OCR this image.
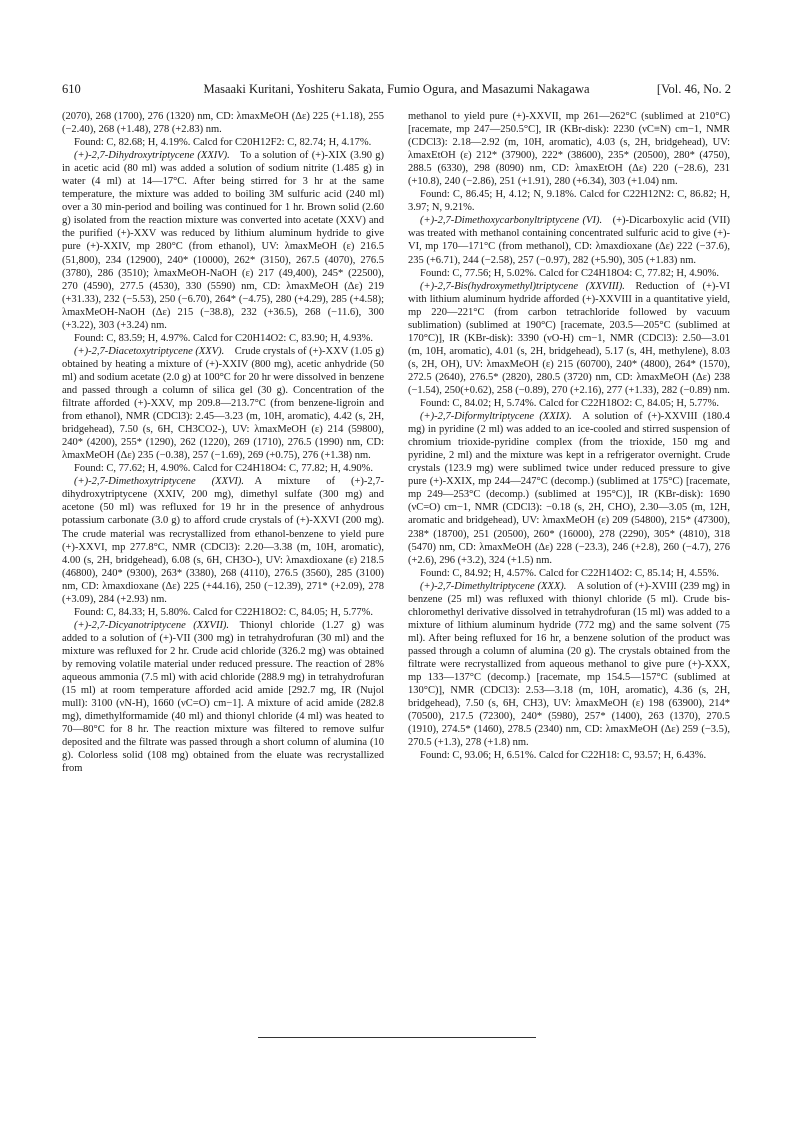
610	Masaaki Kuritani, Yoshiteru Sakata, Fumio Ogura, and Masazumi Nakagawa	[Vol. 46, No. 2

(2070), 268 (1700), 276 (1320) nm, CD: λmaxMeOH (Δε) 225 (+1.18), 255 (−2.40), 268 (+1.48), 278 (+2.83) nm.

Found: C, 82.68; H, 4.19%. Calcd for C20H12F2: C, 82.74; H, 4.17%.

(+)-2,7-Dihydroxytriptycene (XXIV).  To a solution of (+)-XIX (3.90 g) in acetic acid (80 ml) was added a solution of sodium nitrite (1.485 g) in water (4 ml) at 14—17°C. After being stirred for 3 hr at the same temperature, the mixture was added to boiling 3M sulfuric acid (240 ml) over a 30 min-period and boiling was continued for 1 hr. Brown solid (2.60 g) isolated from the reaction mixture was converted into acetate (XXV) and the purified (+)-XXV was reduced by lithium aluminum hydride to give pure (+)-XXIV, mp 280°C (from ethanol), UV: λmaxMeOH (ε) 216.5 (51,800), 234 (12900), 240* (10000), 262* (3150), 267.5 (4070), 276.5 (3780), 286 (3510); λmaxMeOH-NaOH (ε) 217 (49,400), 245* (22500), 270 (4590), 277.5 (4530), 330 (5590) nm, CD: λmaxMeOH (Δε) 219 (+31.33), 232 (−5.53), 250 (−6.70), 264* (−4.75), 280 (+4.29), 285 (+4.58); λmaxMeOH-NaOH (Δε) 215 (−38.8), 232 (+36.5), 268 (−11.6), 300 (+3.22), 303 (+3.24) nm.

Found: C, 83.59; H, 4.97%. Calcd for C20H14O2: C, 83.90; H, 4.93%.

(+)-2,7-Diacetoxytriptycene (XXV).  Crude crystals of (+)-XXV (1.05 g) obtained by heating a mixture of (+)-XXIV (800 mg), acetic anhydride (50 ml) and sodium acetate (2.0 g) at 100°C for 20 hr were dissolved in benzene and passed through a column of silica gel (30 g). Concentration of the filtrate afforded (+)-XXV, mp 209.8—213.7°C (from benzene-ligroin and from ethanol), NMR (CDCl3): 2.45—3.23 (m, 10H, aromatic), 4.42 (s, 2H, bridgehead), 7.50 (s, 6H, CH3CO2-), UV: λmaxMeOH (ε) 214 (59800), 240* (4200), 255* (1290), 262 (1220), 269 (1710), 276.5 (1990) nm, CD: λmaxMeOH (Δε) 235 (−0.38), 257 (−1.69), 269 (+0.75), 276 (+1.38) nm.

Found: C, 77.62; H, 4.90%. Calcd for C24H18O4: C, 77.82; H, 4.90%.

(+)-2,7-Dimethoxytriptycene (XXVI).  A mixture of (+)-2,7-dihydroxytriptycene (XXIV, 200 mg), dimethyl sulfate (300 mg) and acetone (50 ml) was refluxed for 19 hr in the presence of anhydrous potassium carbonate (3.0 g) to afford crude crystals of (+)-XXVI (200 mg). The crude material was recrystallized from ethanol-benzene to yield pure (+)-XXVI, mp 277.8°C, NMR (CDCl3): 2.20—3.38 (m, 10H, aromatic), 4.00 (s, 2H, bridgehead), 6.08 (s, 6H, CH3O-), UV: λmaxdioxane (ε) 218.5 (46800), 240* (9300), 263* (3380), 268 (4110), 276.5 (3560), 285 (3100) nm, CD: λmaxdioxane (Δε) 225 (+44.16), 250 (−12.39), 271* (+2.09), 278 (+3.09), 284 (+2.93) nm.

Found: C, 84.33; H, 5.80%. Calcd for C22H18O2: C, 84.05; H, 5.77%.

(+)-2,7-Dicyanotriptycene (XXVII).  Thionyl chloride (1.27 g) was added to a solution of (+)-VII (300 mg) in tetrahydrofuran (30 ml) and the mixture was refluxed for 2 hr. Crude acid chloride (326.2 mg) was obtained by removing volatile material under reduced pressure. The reaction of 28% aqueous ammonia (7.5 ml) with acid chloride (288.9 mg) in tetrahydrofuran (15 ml) at room temperature afforded acid amide [292.7 mg, IR (Nujol mull): 3100 (νN-H), 1660 (νC=O) cm−1]. A mixture of acid amide (282.8 mg), dimethylformamide (40 ml) and thionyl chloride (4 ml) was heated to 70—80°C for 8 hr. The reaction mixture was filtered to remove sulfur deposited and the filtrate was passed through a short column of alumina (10 g). Colorless solid (108 mg) obtained from the eluate was recrystallized from

methanol to yield pure (+)-XXVII, mp 261—262°C (sublimed at 210°C) [racemate, mp 247—250.5°C], IR (KBr-disk): 2230 (νC≡N) cm−1, NMR (CDCl3): 2.18—2.92 (m, 10H, aromatic), 4.03 (s, 2H, bridgehead), UV: λmaxEtOH (ε) 212* (37900), 222* (38600), 235* (20500), 280* (4750), 288.5 (6330), 298 (8090) nm, CD: λmaxEtOH (Δε) 220 (−28.6), 231 (+10.8), 240 (−2.86), 251 (+1.91), 280 (+6.34), 303 (+1.04) nm.

Found: C, 86.45; H, 4.12; N, 9.18%. Calcd for C22H12N2: C, 86.82; H, 3.97; N, 9.21%.

(+)-2,7-Dimethoxycarbonyltriptycene (VI).  (+)-Dicarboxylic acid (VII) was treated with methanol containing concentrated sulfuric acid to give (+)-VI, mp 170—171°C (from methanol), CD: λmaxdioxane (Δε) 222 (−37.6), 235 (+6.71), 244 (−2.58), 257 (−0.97), 282 (+5.90), 305 (+1.83) nm.

Found: C, 77.56; H, 5.02%. Calcd for C24H18O4: C, 77.82; H, 4.90%.

(+)-2,7-Bis(hydroxymethyl)triptycene (XXVIII).  Reduction of (+)-VI with lithium aluminum hydride afforded (+)-XXVIII in a quantitative yield, mp 220—221°C (from carbon tetrachloride followed by vacuum sublimation) (sublimed at 190°C) [racemate, 203.5—205°C (sublimed at 170°C)], IR (KBr-disk): 3390 (νO-H) cm−1, NMR (CDCl3): 2.50—3.01 (m, 10H, aromatic), 4.01 (s, 2H, bridgehead), 5.17 (s, 4H, methylene), 8.03 (s, 2H, OH), UV: λmaxMeOH (ε) 215 (60700), 240* (4800), 264* (1570), 272.5 (2640), 276.5* (2820), 280.5 (3720) nm, CD: λmaxMeOH (Δε) 238 (−1.54), 250(+0.62), 258 (−0.89), 270 (+2.16), 277 (+1.33), 282 (−0.89) nm.

Found: C, 84.02; H, 5.74%. Calcd for C22H18O2: C, 84.05; H, 5.77%.

(+)-2,7-Diformyltriptycene (XXIX).  A solution of (+)-XXVIII (180.4 mg) in pyridine (2 ml) was added to an ice-cooled and stirred suspension of chromium trioxide-pyridine complex (from the trioxide, 150 mg and pyridine, 2 ml) and the mixture was kept in a refrigerator overnight. Crude crystals (123.9 mg) were sublimed twice under reduced pressure to give pure (+)-XXIX, mp 244—247°C (decomp.) (sublimed at 175°C) [racemate, mp 249—253°C (decomp.) (sublimed at 195°C)], IR (KBr-disk): 1690 (νC=O) cm−1, NMR (CDCl3): −0.18 (s, 2H, CHO), 2.30—3.05 (m, 12H, aromatic and bridgehead), UV: λmaxMeOH (ε) 209 (54800), 215* (47300), 238* (18700), 251 (20500), 260* (16000), 278 (2290), 305* (4810), 318 (5470) nm, CD: λmaxMeOH (Δε) 228 (−23.3), 246 (+2.8), 260 (−4.7), 276 (+2.6), 296 (+3.2), 324 (+1.5) nm.

Found: C, 84.92; H, 4.57%. Calcd for C22H14O2: C, 85.14; H, 4.55%.

(+)-2,7-Dimethyltriptycene (XXX).  A solution of (+)-XVIII (239 mg) in benzene (25 ml) was refluxed with thionyl chloride (5 ml). Crude bis-chloromethyl derivative dissolved in tetrahydrofuran (15 ml) was added to a mixture of lithium aluminum hydride (772 mg) and the same solvent (75 ml). After being refluxed for 16 hr, a benzene solution of the product was passed through a column of alumina (20 g). The crystals obtained from the filtrate were recrystallized from aqueous methanol to give pure (+)-XXX, mp 133—137°C (decomp.) [racemate, mp 154.5—157°C (sublimed at 130°C)], NMR (CDCl3): 2.53—3.18 (m, 10H, aromatic), 4.36 (s, 2H, bridgehead), 7.50 (s, 6H, CH3), UV: λmaxMeOH (ε) 198 (63900), 214* (70500), 217.5 (72300), 240* (5980), 257* (1400), 263 (1370), 270.5 (1910), 274.5* (1460), 278.5 (2340) nm, CD: λmaxMeOH (Δε) 259 (−3.5), 270.5 (+1.3), 278 (+1.8) nm.

Found: C, 93.06; H, 6.51%. Calcd for C22H18: C, 93.57; H, 6.43%.
